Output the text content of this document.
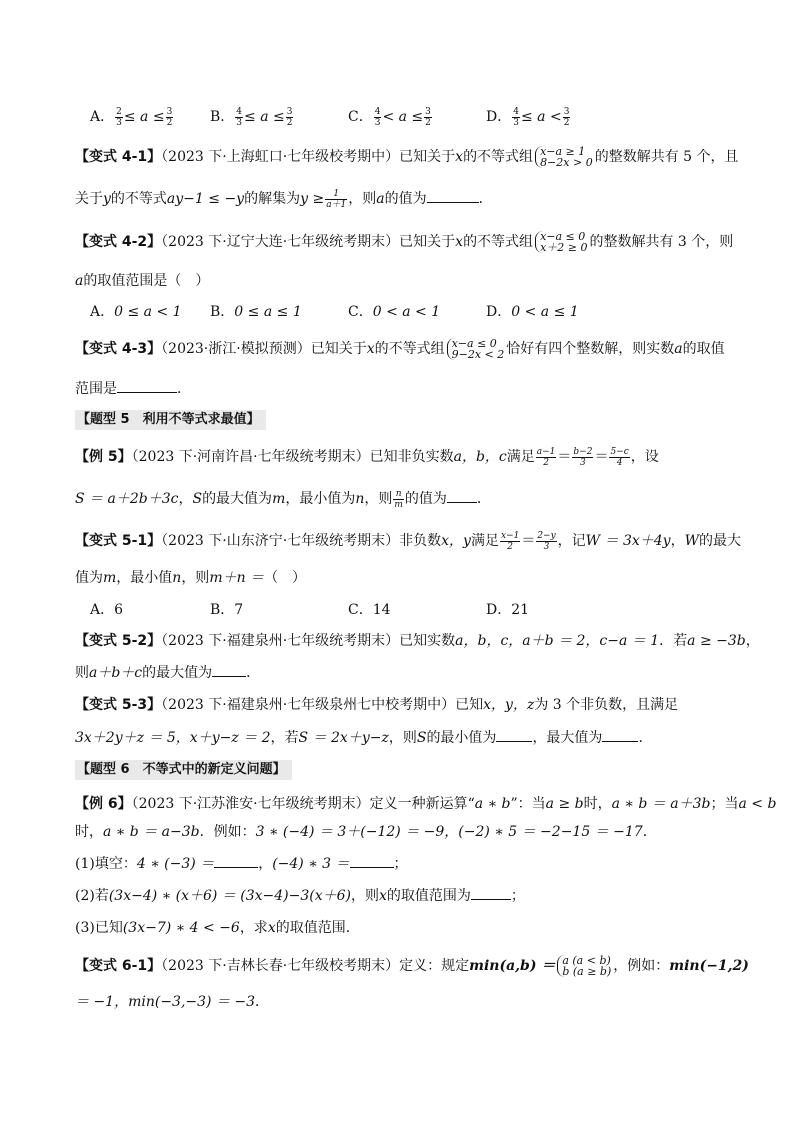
A． $\frac{2}{3} \le a \le \frac{3}{2}$	B． $\frac{4}{3} \le a \le \frac{3}{2}$	C． $\frac{4}{3} < a \le \frac{3}{2}$	D． $\frac{4}{3} \le a < \frac{3}{2}$
【变式 4-1】（2023 下·上海虹口·七年级校考期中）已知关于x的不等式组 x−a ≥ 1
8−2x > 0 的整数解共有 5 个，且
关于y的不等式ay−1 ≤ −y的解集为$y \ge \frac{1}{a+1}$ ，则a的值为	．
【变式 4-2】（2023 下·辽宁大连·七年级统考期末）已知关于x的不等式组 x−a ≤ 0
x＋2 ≥ 0 的整数解共有 3 个，则
a的取值范围是（　）
A．0 ≤ a < 1 B．0 ≤ a ≤ 1	C．0 < a < 1	D．0 < a ≤ 1
【变式 4-3】（2023·浙江·模拟预测）已知关于x的不等式组 x−a ≤ 0
9−2x < 2 恰好有四个整数解，则实数a的取值
范围是	．
【题型 5　利用不等式求最值】
【例 5】（2023 下·河南许昌·七年级统考期末）已知非负实数a，b，c满足 $\frac{a-1}{2} = \frac{b-2}{3} = \frac{5-c}{4}$ ，设
S ＝ a＋2b＋3c，S的最大值为m，最小值为n，则 $\frac{n}{m}$ 的值为 ．
【变式 5-1】（2023 下·山东济宁·七年级统考期末）非负数x，y满足 $\frac{x-1}{2} = \frac{2-y}{3}$ ，记W ＝ 3x＋4y，W的最大
值为m，最小值n，则m＋n ＝（　）
A．6	B．7	C．14	D．21
【变式 5-2】（2023 下·福建泉州·七年级统考期末）已知实数a，b，c，a＋b ＝ 2，c−a ＝ 1．若a ≥ −3b，
则a＋b＋c的最大值为 ．
【变式 5-3】（2023 下·福建泉州·七年级泉州七中校考期中）已知x，y，z为 3 个非负数，且满足
3x＋2y＋z ＝ 5，x＋y−z ＝ 2，若S ＝ 2x＋y−z，则S的最小值为	，最大值为	．
【题型 6　不等式中的新定义问题】
【例 6】（2023 下·江苏淮安·七年级统考期末）定义一种新运算“a ∗ b”：当a ≥ b时，a ∗ b ＝ a＋3b；当a < b
时，a ∗ b ＝ a−3b．例如：3 ∗ (−4) ＝ 3＋(−12) ＝ −9，(−2) ∗ 5 ＝ −2−15 ＝ −17．
(1)填空：4 ∗ (−3) ＝	，(−4) ∗ 3 ＝	；
(2)若(3x−4) ∗ (x＋6) ＝ (3x−4)−3(x＋6)，则x的取值范围为	；
(3)已知(3x−7) ∗ 4 < −6，求x的取值范围．
【变式 6-1】（2023 下·吉林长春·七年级校考期末）定义：规定min(a,b) ＝ a (a < b)
b (a ≥ b) ，例如：min(−1,2)
＝ −1，min(−3,−3) ＝ −3．
